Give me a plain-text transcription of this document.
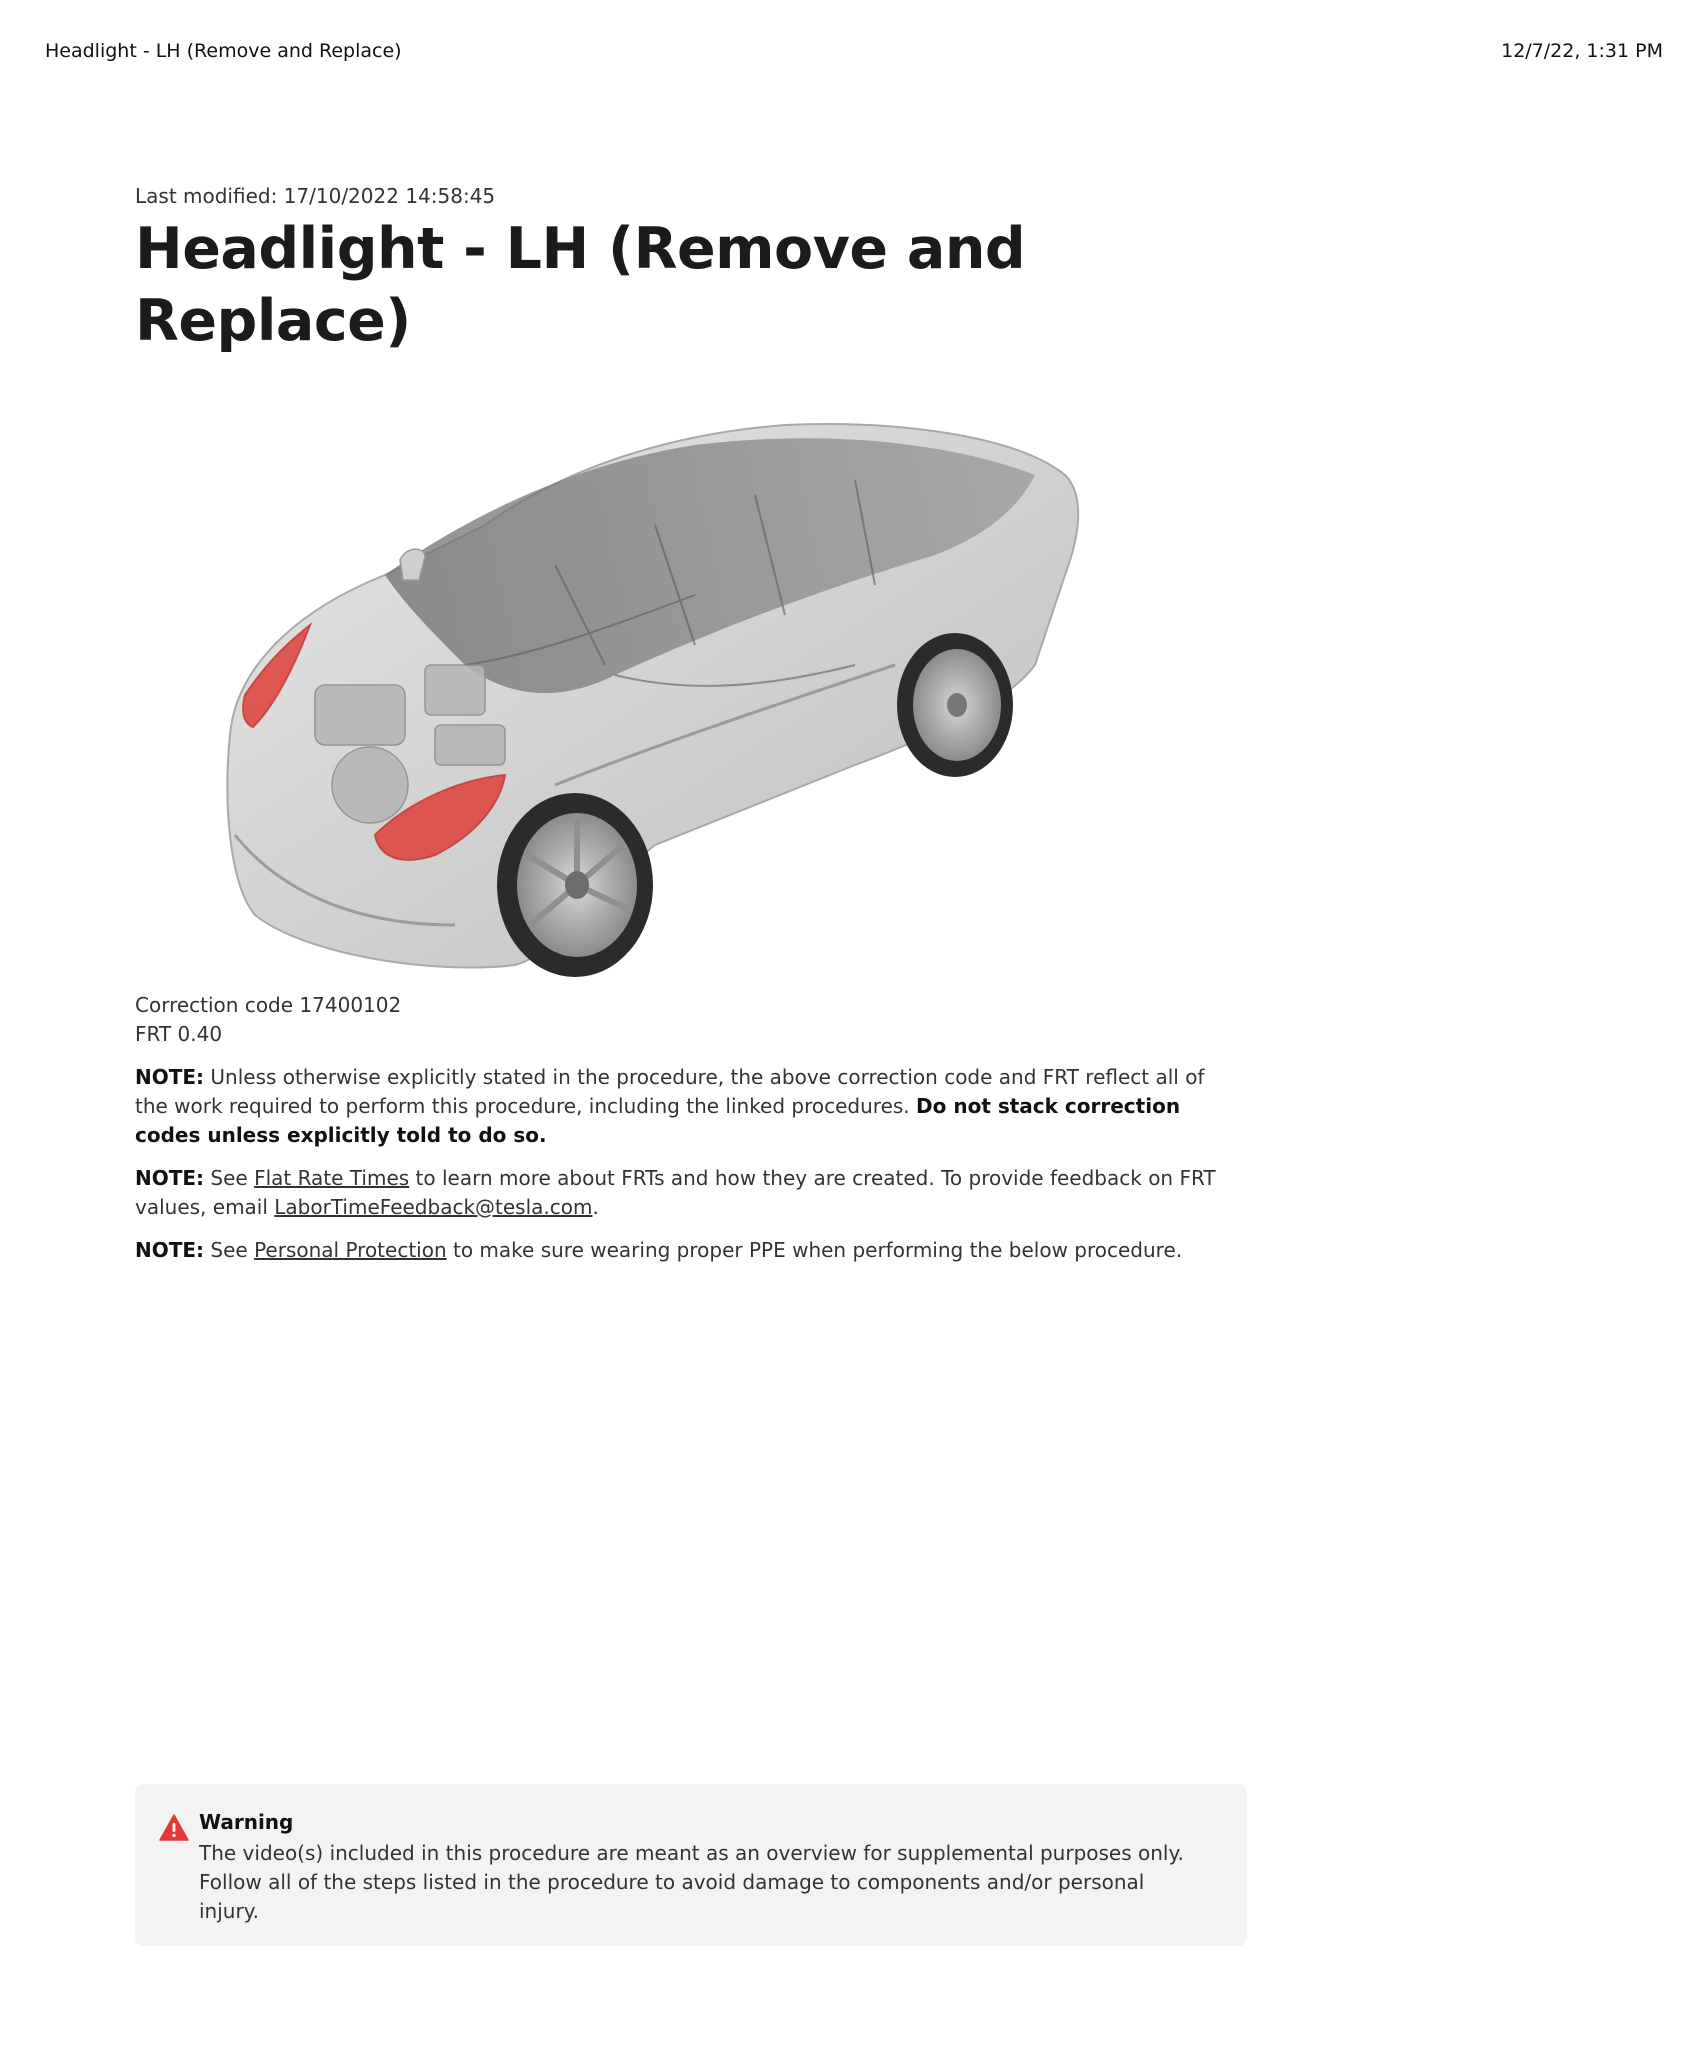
Headlight - LH (Remove and Replace)	12/7/22, 1:31 PM
Last modified: 17/10/2022 14:58:45
Headlight - LH (Remove and Replace)
Correction code 17400102
FRT 0.40
NOTE: Unless otherwise explicitly stated in the procedure, the above correction code and FRT reflect all of the work required to perform this procedure, including the linked procedures. Do not stack correction codes unless explicitly told to do so.
NOTE: See Flat Rate Times to learn more about FRTs and how they are created. To provide feedback on FRT values, email LaborTimeFeedback@tesla.com.
NOTE: See Personal Protection to make sure wearing proper PPE when performing the below procedure.
Warning
The video(s) included in this procedure are meant as an overview for supplemental purposes only. Follow all of the steps listed in the procedure to avoid damage to components and/or personal injury.
